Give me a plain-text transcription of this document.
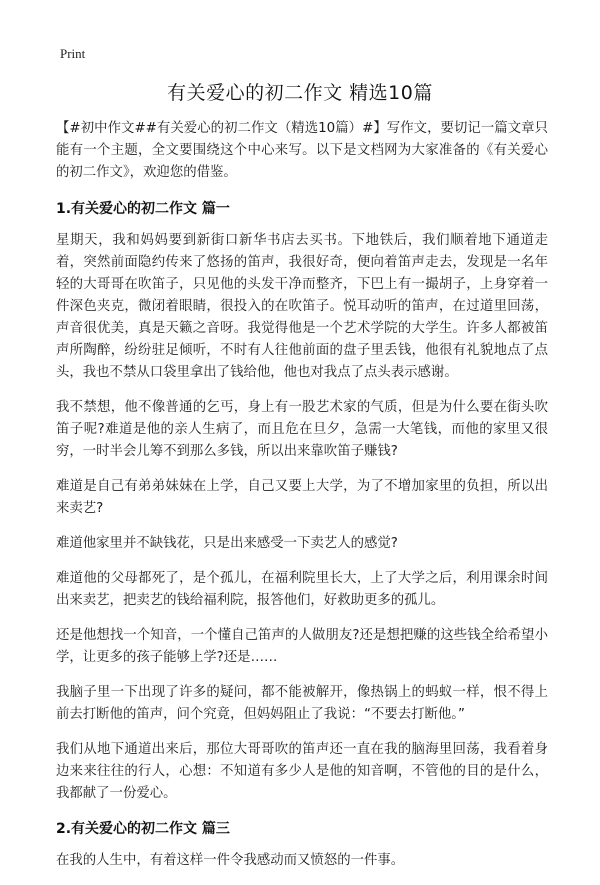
Print
有关爱心的初二作文 精选10篇

【#初中作文##有关爱心的初二作文（精选10篇）#】写作文，要切记一篇文章只能有一个主题，全文要围绕这个中心来写。以下是文档网为大家准备的《有关爱心的初二作文》，欢迎您的借鉴。

1.有关爱心的初二作文 篇一

星期天，我和妈妈要到新街口新华书店去买书。下地铁后，我们顺着地下通道走着，突然前面隐约传来了悠扬的笛声，我很好奇，便向着笛声走去，发现是一名年轻的大哥哥在吹笛子，只见他的头发干净而整齐，下巴上有一撮胡子，上身穿着一件深色夹克，微闭着眼睛，很投入的在吹笛子。悦耳动听的笛声，在过道里回荡，声音很优美，真是天籁之音呀。我觉得他是一个艺术学院的大学生。许多人都被笛声所陶醉，纷纷驻足倾听，不时有人往他前面的盘子里丢钱，他很有礼貌地点了点头，我也不禁从口袋里拿出了钱给他，他也对我点了点头表示感谢。

我不禁想，他不像普通的乞丐，身上有一股艺术家的气质，但是为什么要在街头吹笛子呢?难道是他的亲人生病了，而且危在旦夕，急需一大笔钱，而他的家里又很穷，一时半会儿筹不到那么多钱，所以出来靠吹笛子赚钱?

难道是自己有弟弟妹妹在上学，自己又要上大学，为了不增加家里的负担，所以出来卖艺?

难道他家里并不缺钱花，只是出来感受一下卖艺人的感觉?

难道他的父母都死了，是个孤儿，在福利院里长大，上了大学之后，利用课余时间出来卖艺，把卖艺的钱给福利院，报答他们，好救助更多的孤儿。

还是他想找一个知音，一个懂自己笛声的人做朋友?还是想把赚的这些钱全给希望小学，让更多的孩子能够上学?还是……

我脑子里一下出现了许多的疑问，都不能被解开，像热锅上的蚂蚁一样，恨不得上前去打断他的笛声，问个究竟，但妈妈阻止了我说：“不要去打断他。”

我们从地下通道出来后，那位大哥哥吹的笛声还一直在我的脑海里回荡，我看着身边来来往往的行人，心想：不知道有多少人是他的知音啊，不管他的目的是什么，我都献了一份爱心。

2.有关爱心的初二作文 篇三

在我的人生中，有着这样一件令我感动而又愤怒的一件事。
